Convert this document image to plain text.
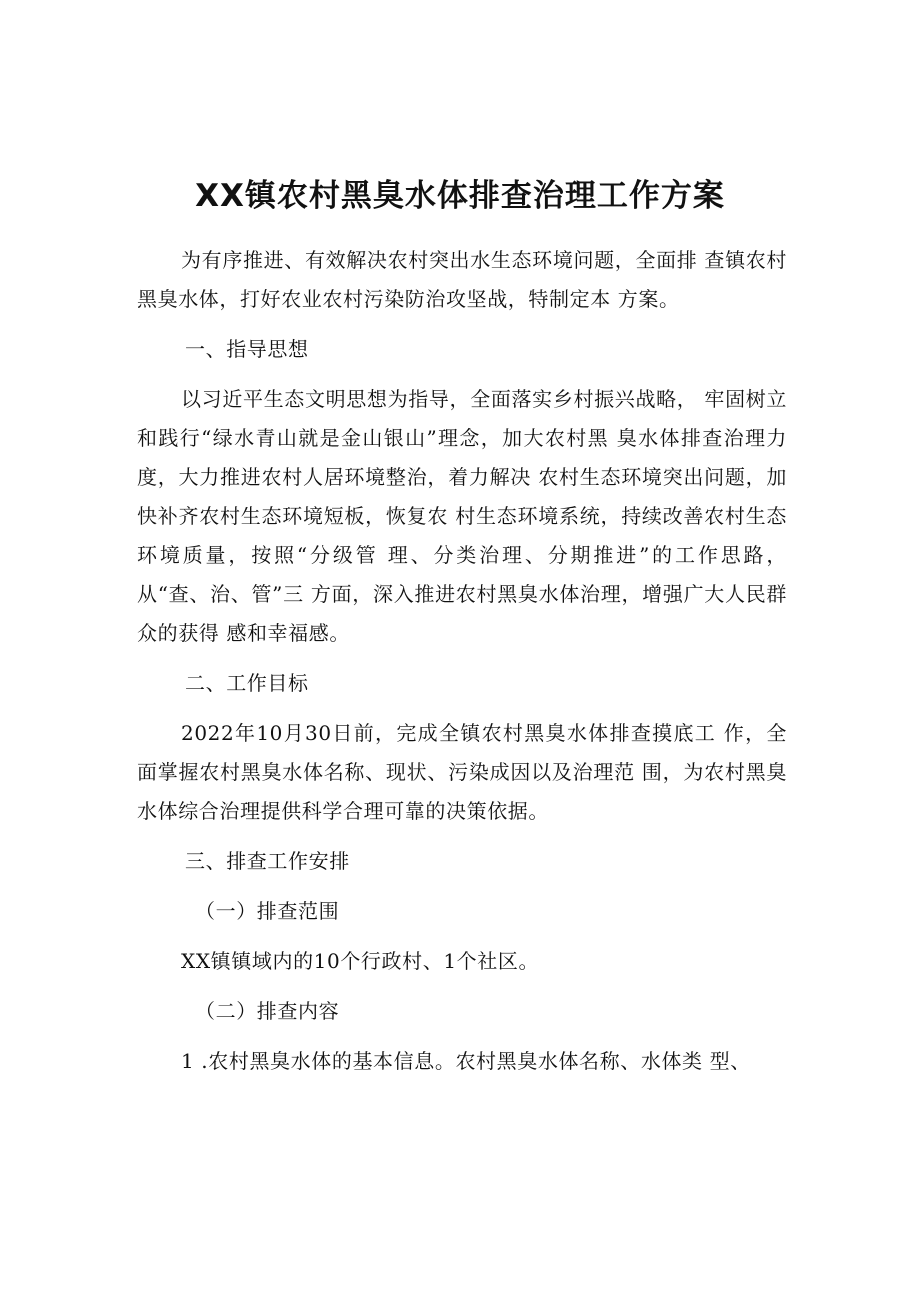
XX镇农村黑臭水体排查治理工作方案

为有序推进、有效解决农村突出水生态环境问题，全面排 查镇农村黑臭水体，打好农业农村污染防治攻坚战，特制定本 方案。

一、指导思想

以习近平生态文明思想为指导，全面落实乡村振兴战略， 牢固树立和践行“绿水青山就是金山银山”理念，加大农村黑 臭水体排查治理力度，大力推进农村人居环境整治，着力解决 农村生态环境突出问题，加快补齐农村生态环境短板，恢复农 村生态环境系统，持续改善农村生态环境质量，按照“分级管 理、分类治理、分期推进”的工作思路，从“查、治、管”三 方面，深入推进农村黑臭水体治理，增强广大人民群众的获得 感和幸福感。

二、工作目标

2022年10月30日前，完成全镇农村黑臭水体排查摸底工 作，全面掌握农村黑臭水体名称、现状、污染成因以及治理范 围，为农村黑臭水体综合治理提供科学合理可靠的决策依据。

三、排查工作安排

（一）排查范围

XX镇镇域内的10个行政村、1个社区。

（二）排查内容

1 .农村黑臭水体的基本信息。农村黑臭水体名称、水体类 型、
